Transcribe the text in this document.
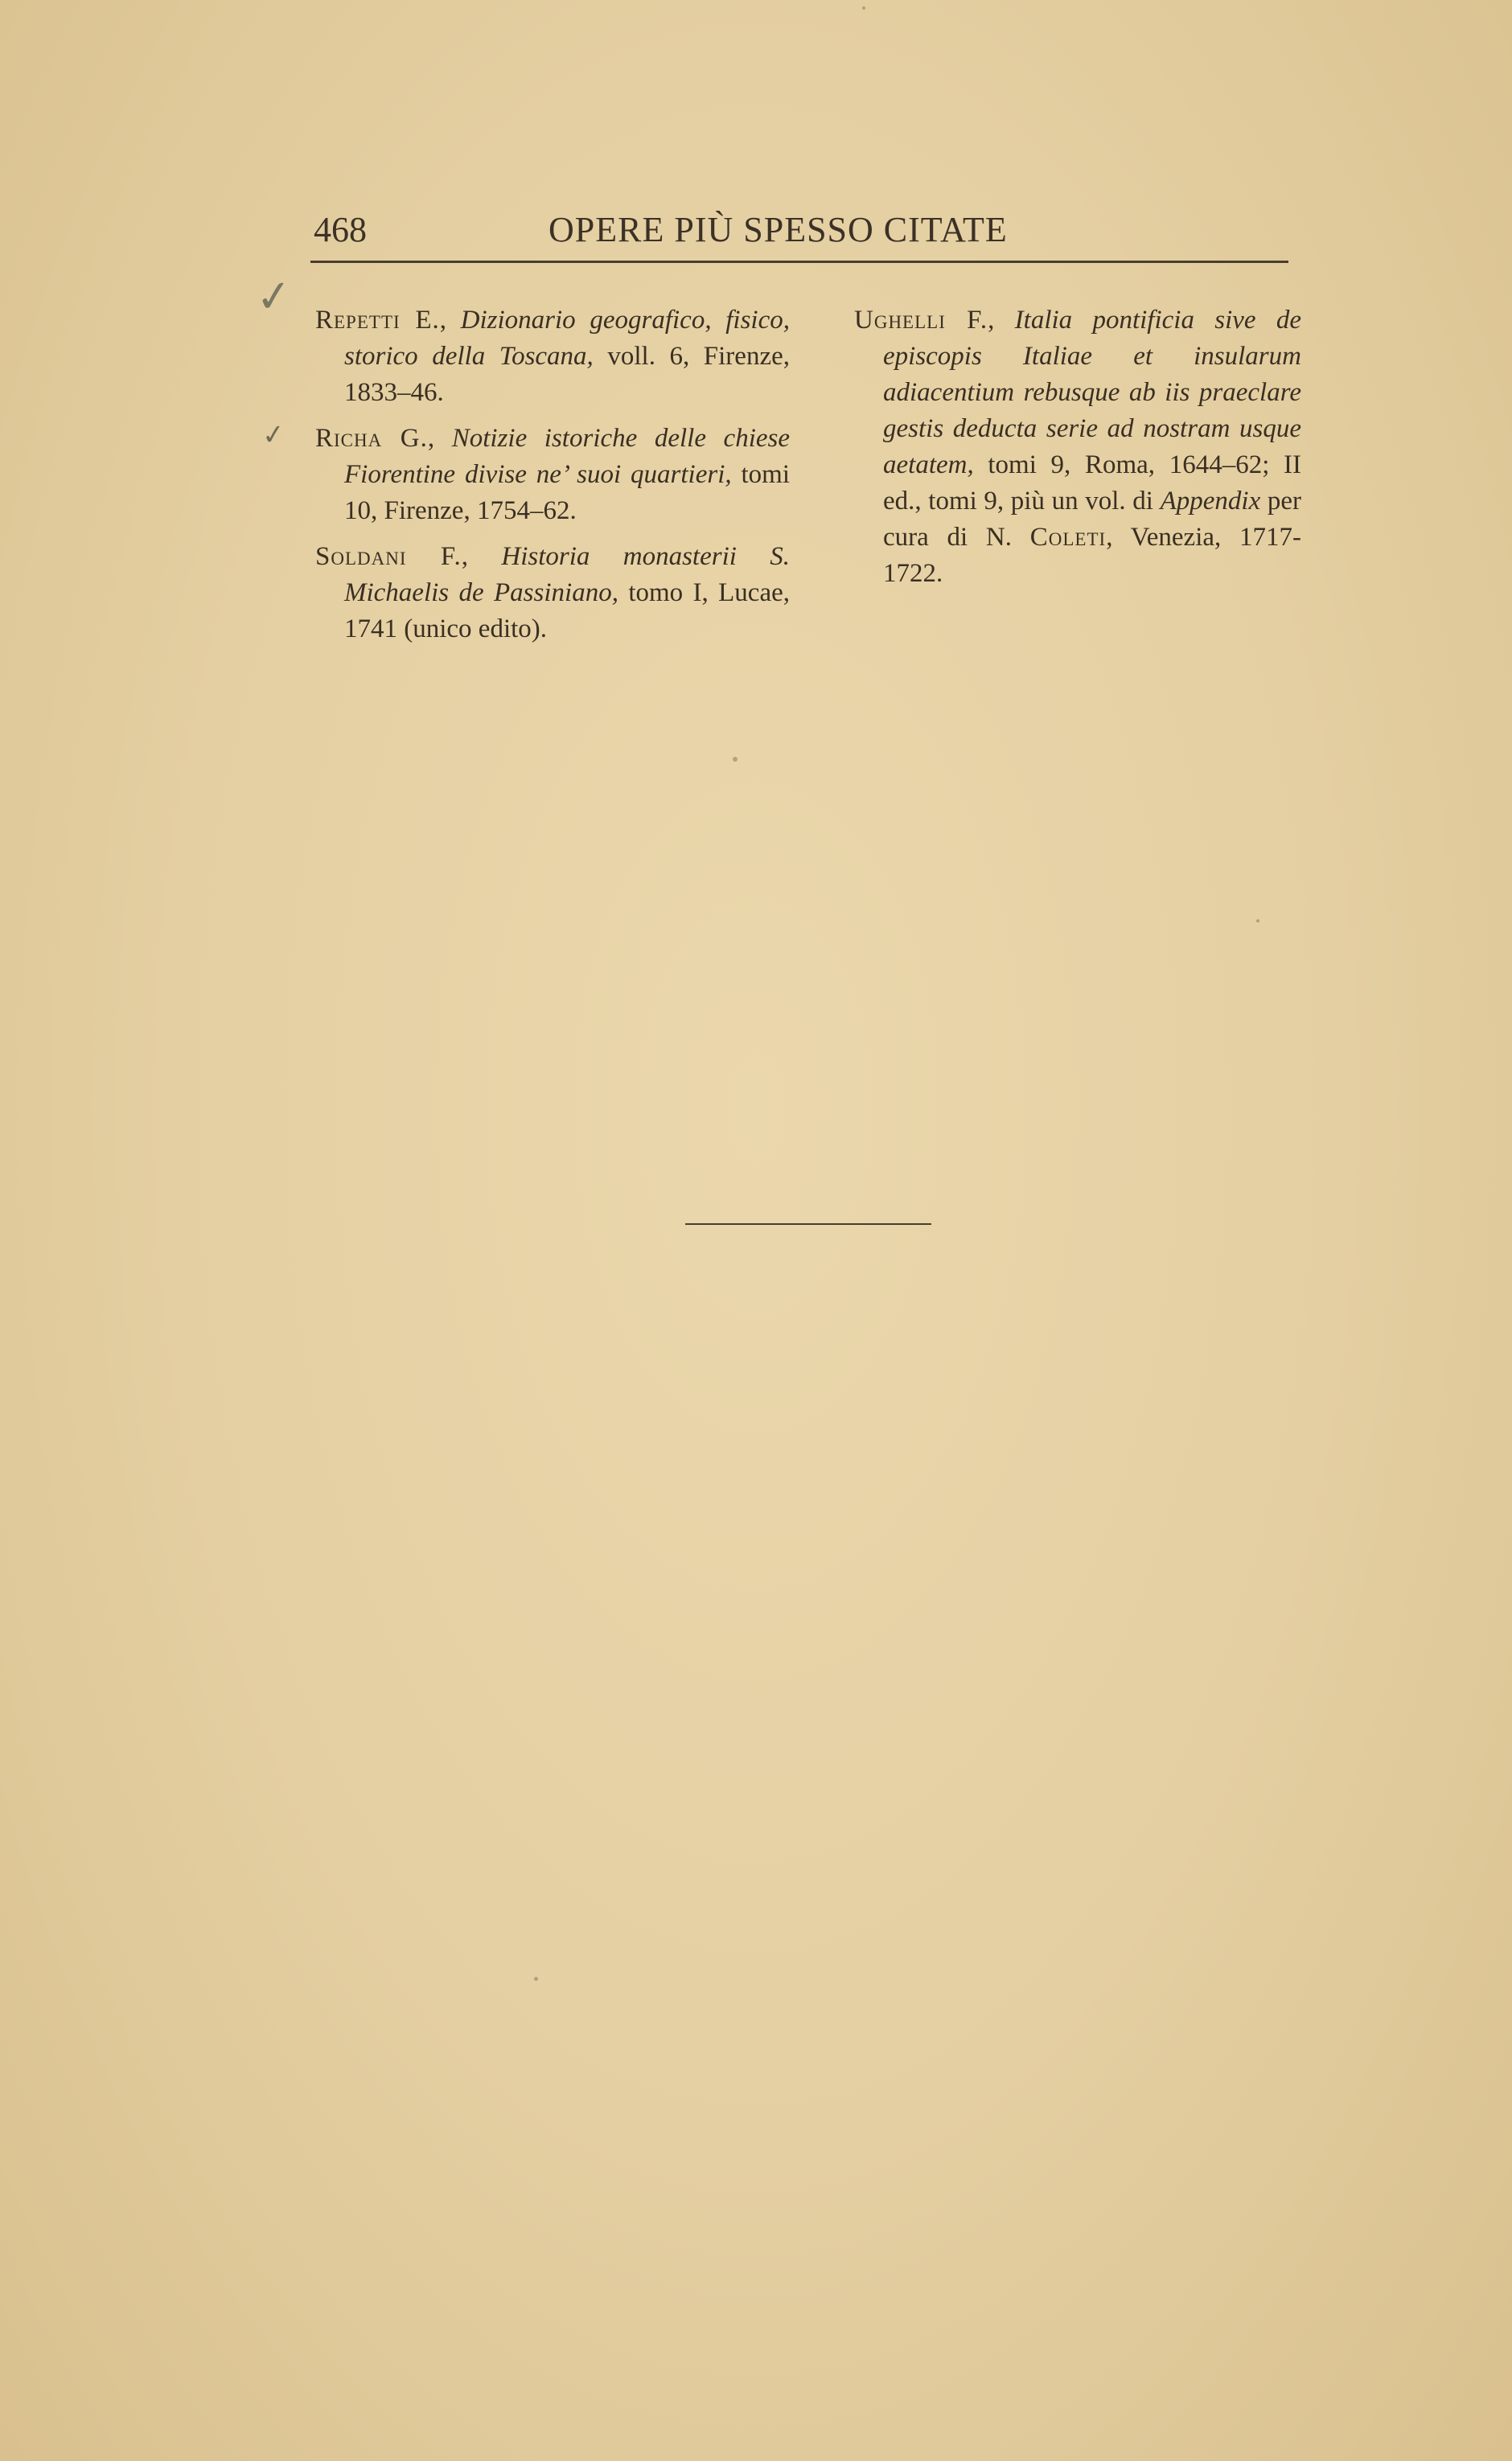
468	OPERE PIÙ SPESSO CITATE
✓ Repetti E., Dizionario geografico, fisico, storico della Toscana, voll. 6, Firenze, 1833–46.
✓ Richa G., Notizie istoriche delle chiese Fiorentine divise ne’ suoi quartieri, tomi 10, Firenze, 1754–62.
Soldani F., Historia monasterii S. Michaelis de Passiniano, tomo I, Lucae, 1741 (unico edito).
Ughelli F., Italia pontificia sive de episcopis Italiae et insularum adiacentium rebusque ab iis praeclare gestis deducta serie ad nostram usque aetatem, tomi 9, Roma, 1644–62; II ed., tomi 9, più un vol. di Appendix per cura di N. Coleti, Venezia, 1717-1722.
